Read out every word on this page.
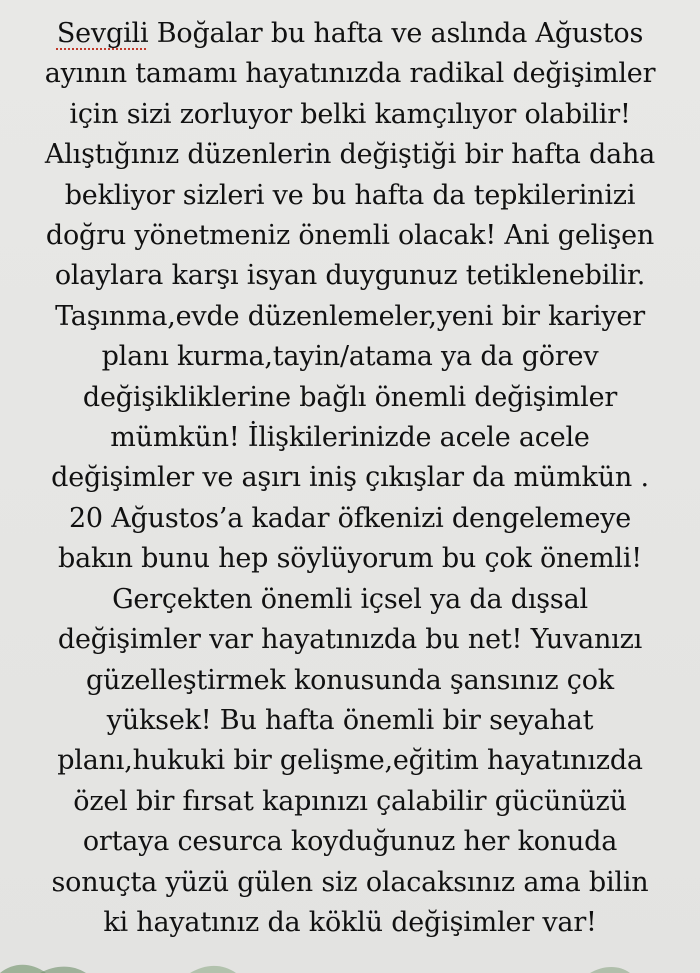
Sevgili Boğalar bu hafta ve aslında Ağustos
ayının tamamı hayatınızda radikal değişimler
için sizi zorluyor belki kamçılıyor olabilir!
Alıştığınız düzenlerin değiştiği bir hafta daha
bekliyor sizleri ve bu hafta da tepkilerinizi
doğru yönetmeniz önemli olacak! Ani gelişen
olaylara karşı isyan duygunuz tetiklenebilir.
Taşınma,evde düzenlemeler,yeni bir kariyer
planı kurma,tayin/atama ya da görev
değişikliklerine bağlı önemli değişimler
mümkün! İlişkilerinizde acele acele
değişimler ve aşırı iniş çıkışlar da mümkün .
20 Ağustos’a kadar öfkenizi dengelemeye
bakın bunu hep söylüyorum bu çok önemli!
Gerçekten önemli içsel ya da dışsal
değişimler var hayatınızda bu net! Yuvanızı
güzelleştirmek konusunda şansınız çok
yüksek! Bu hafta önemli bir seyahat
planı,hukuki bir gelişme,eğitim hayatınızda
özel bir fırsat kapınızı çalabilir gücünüzü
ortaya cesurca koyduğunuz her konuda
sonuçta yüzü gülen siz olacaksınız ama bilin
ki hayatınız da köklü değişimler var!
